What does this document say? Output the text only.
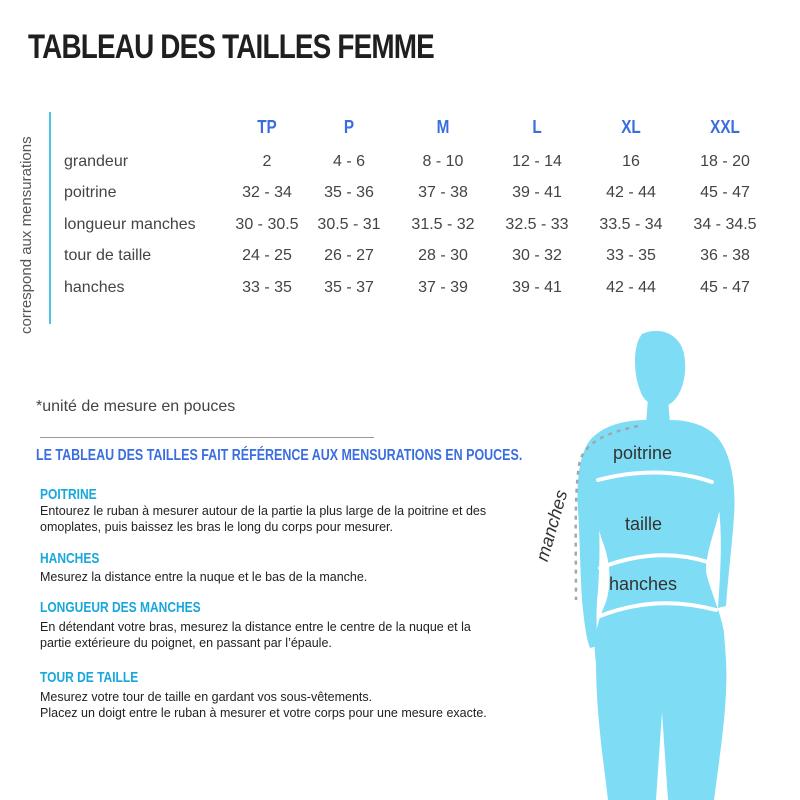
TABLEAU DES TAILLES FEMME
correspond aux mensurations
	TP	P	M	L	XL	XXL
grandeur	2	4 - 6	8 - 10	12 - 14	16	18 - 20
poitrine	32 - 34	35 - 36	37 - 38	39 - 41	42 - 44	45 - 47
longueur manches	30 - 30.5	30.5 - 31	31.5 - 32	32.5 - 33	33.5 - 34	34 - 34.5
tour de taille	24 - 25	26 - 27	28 - 30	30 - 32	33 - 35	36 - 38
hanches	33 - 35	35 - 37	37 - 39	39 - 41	42 - 44	45 - 47
*unité de mesure en pouces
LE TABLEAU DES TAILLES FAIT RÉFÉRENCE AUX MENSURATIONS EN POUCES.
POITRINE
Entourez le ruban à mesurer autour de la partie la plus large de la poitrine et des
omoplates, puis baissez les bras le long du corps pour mesurer.
HANCHES
Mesurez la distance entre la nuque et le bas de la manche.
LONGUEUR DES MANCHES
En détendant votre bras, mesurez la distance entre le centre de la nuque et la
partie extérieure du poignet, en passant par l’épaule.
TOUR DE TAILLE
Mesurez votre tour de taille en gardant vos sous-vêtements.
Placez un doigt entre le ruban à mesurer et votre corps pour une mesure exacte.
poitrine
taille
hanches
manches
